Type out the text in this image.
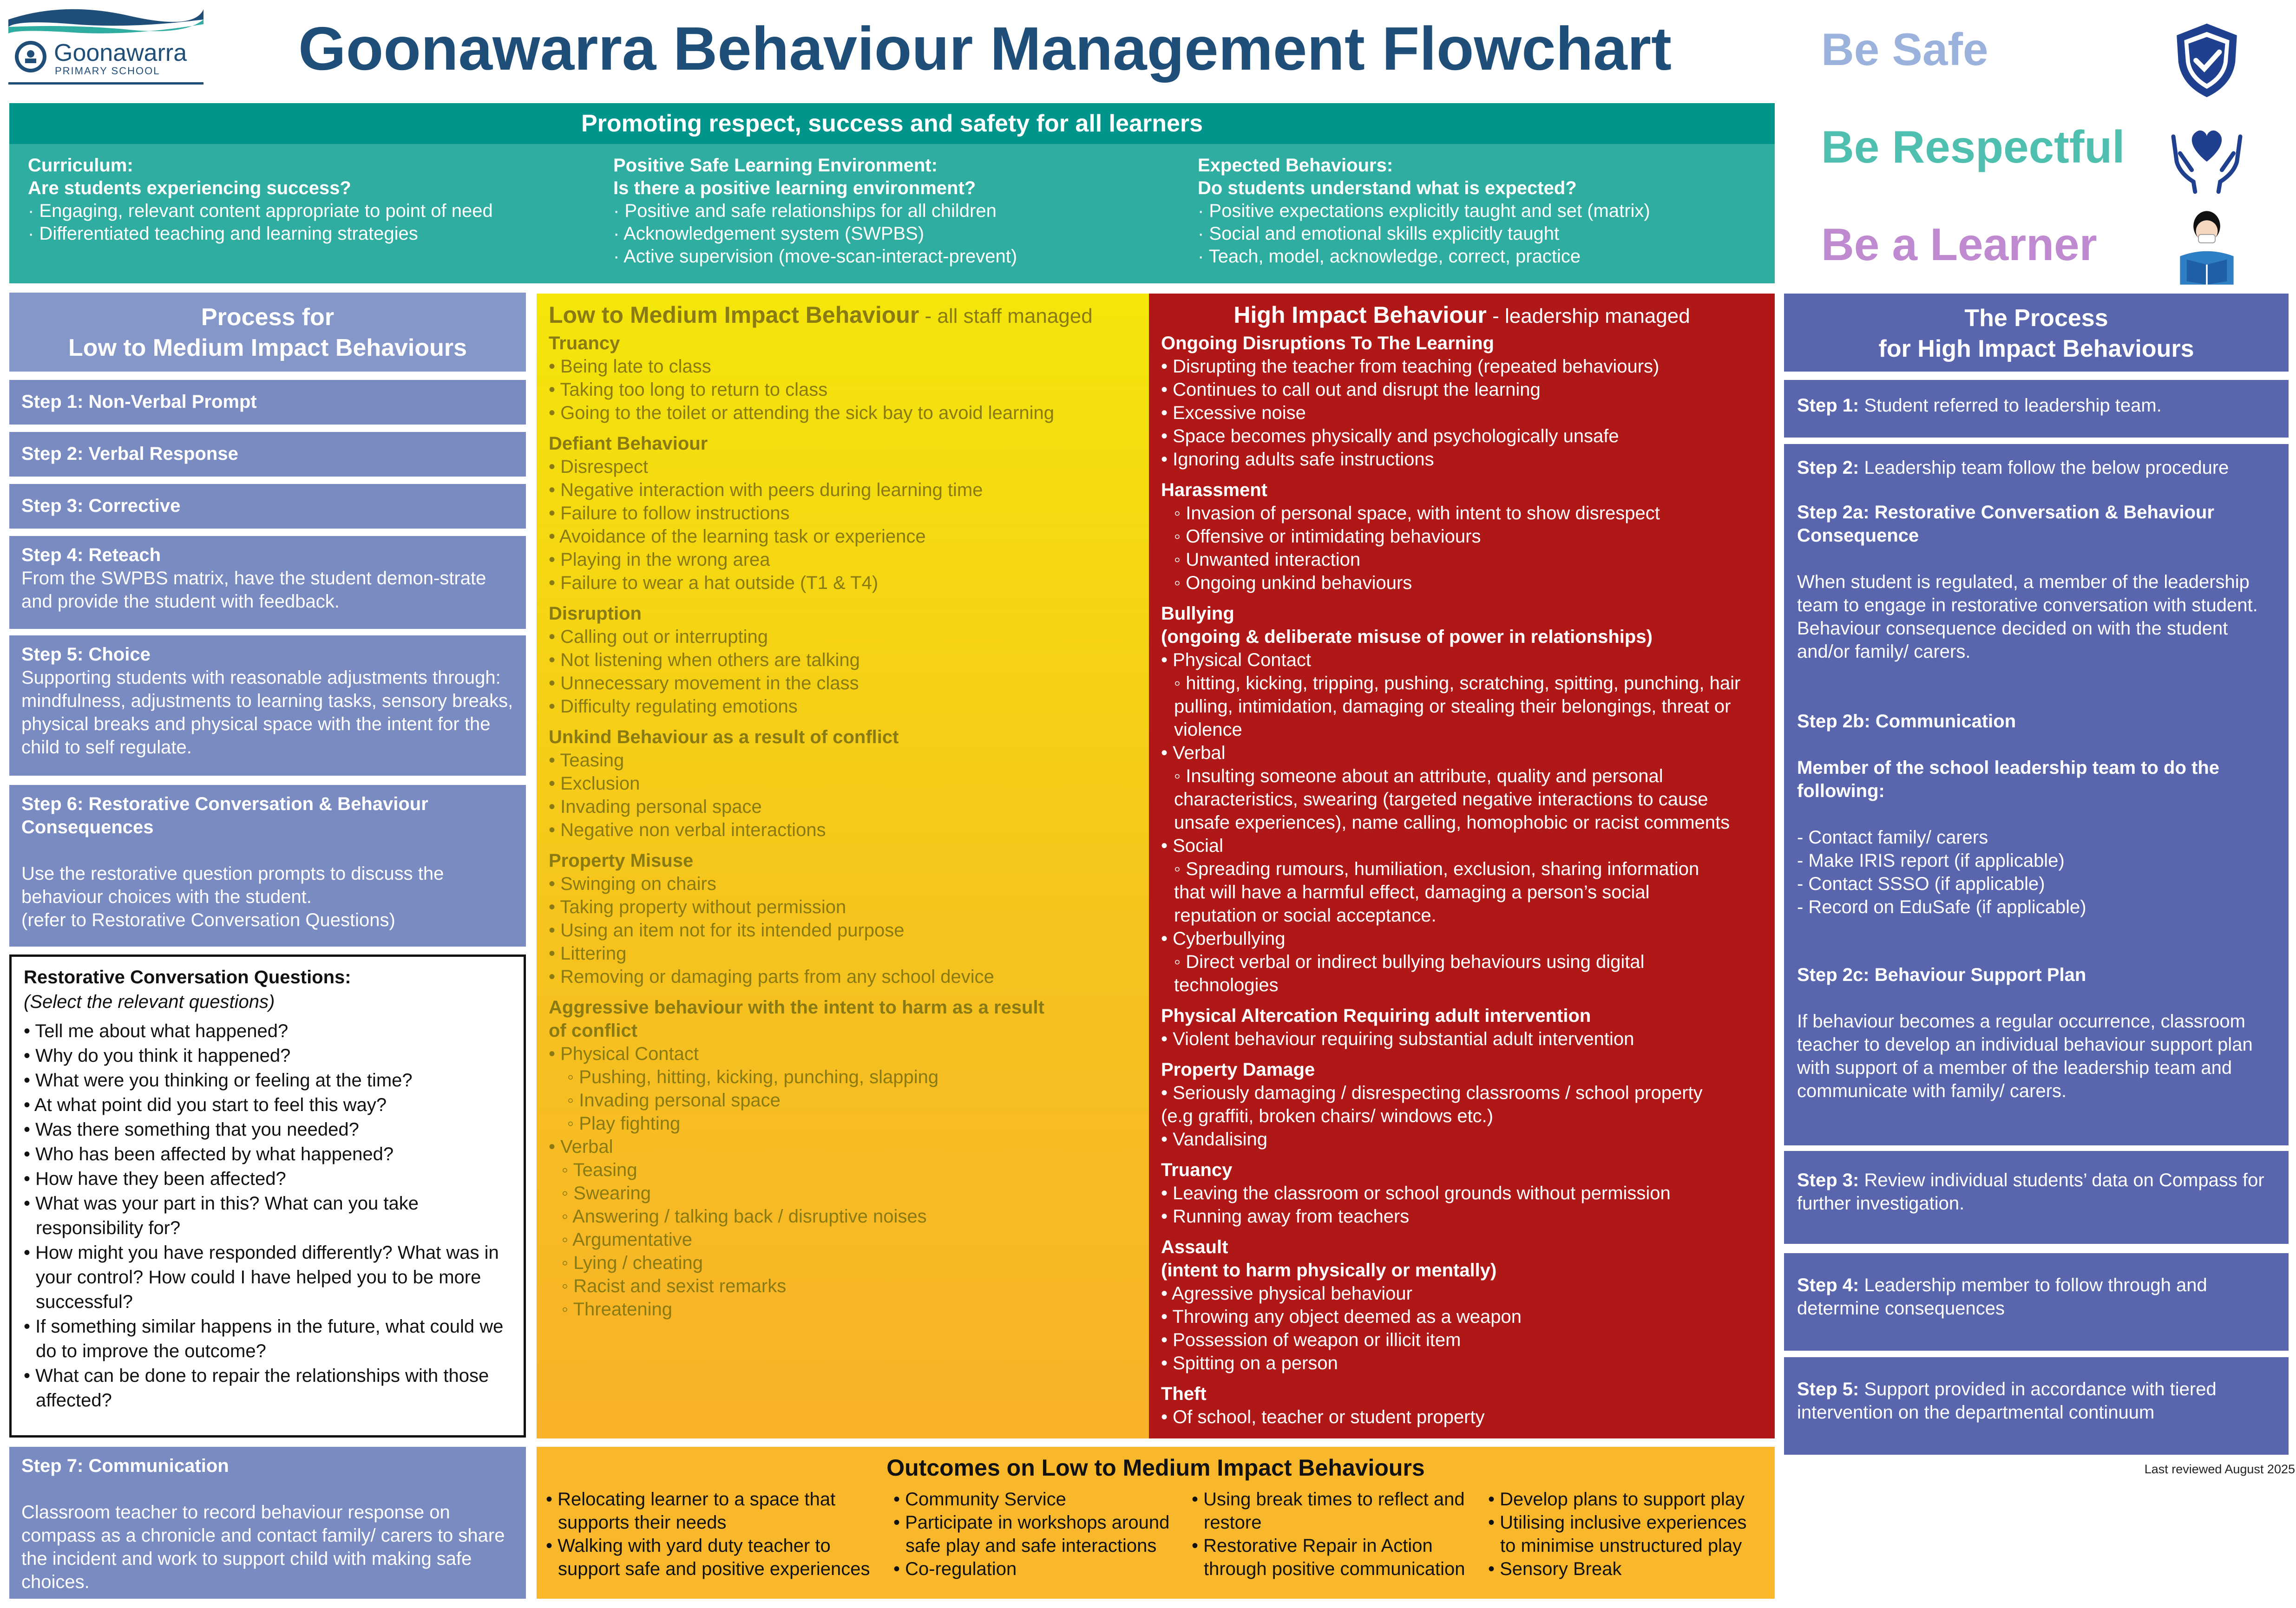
Goonawarra
PRIMARY SCHOOL Goonawarra Behaviour Management Flowchart	Be Safe
Be Respectful
Be a Learner
Promoting respect, success and safety for all learners
Curriculum:
Are students experiencing success?
· Engaging, relevant content appropriate to point of need
· Differentiated teaching and learning strategies
Positive Safe Learning Environment:
Is there a positive learning environment?
· Positive and safe relationships for all children
· Acknowledgement system (SWPBS)
· Active supervision (move-scan-interact-prevent)
Expected Behaviours:
Do students understand what is expected?
· Positive expectations explicitly taught and set (matrix)
· Social and emotional skills explicitly taught
· Teach, model, acknowledge, correct, practice
Process for
Low to Medium Impact Behaviours
Step 1: Non-Verbal Prompt
Step 2: Verbal Response
Step 3: Corrective
Step 4: Reteach
From the SWPBS matrix, have the student demon-strate and provide the student with feedback.
Step 5: Choice
Supporting students with reasonable adjustments through: mindfulness, adjustments to learning tasks, sensory breaks, physical breaks and physical space with the intent for the child to self regulate.
Step 6: Restorative Conversation & Behaviour Consequences
Use the restorative question prompts to discuss the behaviour choices with the student.
(refer to Restorative Conversation Questions)
Restorative Conversation Questions:
(Select the relevant questions)
• Tell me about what happened?
• Why do you think it happened?
• What were you thinking or feeling at the time?
• At what point did you start to feel this way?
• Was there something that you needed?
• Who has been affected by what happened?
• How have they been affected?
• What was your part in this? What can you take responsibility for?
• How might you have responded differently? What was in your control? How could I have helped you to be more successful?
• If something similar happens in the future, what could we do to improve the outcome?
• What can be done to repair the relationships with those affected?
Step 7: Communication
Classroom teacher to record behaviour response on compass as a chronicle and contact family/ carers to share the incident and work to support child with making safe choices.
Low to Medium Impact Behaviour - all staff managed
Truancy
• Being late to class
• Taking too long to return to class
• Going to the toilet or attending the sick bay to avoid learning
Defiant Behaviour
• Disrespect
• Negative interaction with peers during learning time
• Failure to follow instructions
• Avoidance of the learning task or experience
• Playing in the wrong area
• Failure to wear a hat outside (T1 & T4)
Disruption
• Calling out or interrupting
• Not listening when others are talking
• Unnecessary movement in the class
• Difficulty regulating emotions
Unkind Behaviour as a result of conflict
• Teasing
• Exclusion
• Invading personal space
• Negative non verbal interactions
Property Misuse
• Swinging on chairs
• Taking property without permission
• Using an item not for its intended purpose
• Littering
• Removing or damaging parts from any school device
Aggressive behaviour with the intent to harm as a result of conflict
• Physical Contact
◦ Pushing, hitting, kicking, punching, slapping
◦ Invading personal space
◦ Play fighting
• Verbal
◦ Teasing
◦ Swearing
◦ Answering / talking back / disruptive noises
◦ Argumentative
◦ Lying / cheating
◦ Racist and sexist remarks
◦ Threatening
High Impact Behaviour - leadership managed
Ongoing Disruptions To The Learning
• Disrupting the teacher from teaching (repeated behaviours)
• Continues to call out and disrupt the learning
• Excessive noise
• Space becomes physically and psychologically unsafe
• Ignoring adults safe instructions
Harassment
◦ Invasion of personal space, with intent to show disrespect
◦ Offensive or intimidating behaviours
◦ Unwanted interaction
◦ Ongoing unkind behaviours
Bullying
(ongoing & deliberate misuse of power in relationships)
• Physical Contact
◦ hitting, kicking, tripping, pushing, scratching, spitting, punching, hair pulling, intimidation, damaging or stealing their belongings, threat or violence
• Verbal
◦ Insulting someone about an attribute, quality and personal characteristics, swearing (targeted negative interactions to cause unsafe experiences), name calling, homophobic or racist comments
• Social
◦ Spreading rumours, humiliation, exclusion, sharing information that will have a harmful effect, damaging a person’s social reputation or social acceptance.
• Cyberbullying
◦ Direct verbal or indirect bullying behaviours using digital technologies
Physical Altercation Requiring adult intervention
• Violent behaviour requiring substantial adult intervention
Property Damage
• Seriously damaging / disrespecting classrooms / school property (e.g graffiti, broken chairs/ windows etc.)
• Vandalising
Truancy
• Leaving the classroom or school grounds without permission
• Running away from teachers
Assault
(intent to harm physically or mentally)
• Agressive physical behaviour
• Throwing any object deemed as a weapon
• Possession of weapon or illicit item
• Spitting on a person
Theft
• Of school, teacher or student property
The Process
for High Impact Behaviours

Step 1: Student referred to leadership team.

Step 2: Leadership team follow the below procedure

Step 2a: Restorative Conversation & Behaviour Consequence
When student is regulated, a member of the leadership team to engage in restorative conversation with student. Behaviour consequence decided on with the student and/or family/ carers.
Step 2b: Communication
Member of the school leadership team to do the following:
- Contact family/ carers
- Make IRIS report (if applicable)
- Contact SSSO (if applicable)
- Record on EduSafe (if applicable)
Step 2c: Behaviour Support Plan
If behaviour becomes a regular occurrence, classroom teacher to develop an individual behaviour support plan with support of a member of the leadership team and communicate with family/ carers.

Step 3: Review individual students’ data on Compass for further investigation.

Step 4: Leadership member to follow through and determine consequences

Step 5: Support provided in accordance with tiered intervention on the departmental continuum

Last reviewed August 2025
Outcomes on Low to Medium Impact Behaviours
• Relocating learner to a space that supports their needs
• Walking with yard duty teacher to support safe and positive experiences
• Community Service
• Participate in workshops around safe play and safe interactions
• Co-regulation
• Using break times to reflect and restore
• Restorative Repair in Action through positive communication
• Develop plans to support play
• Utilising inclusive experiences to minimise unstructured play
• Sensory Break
